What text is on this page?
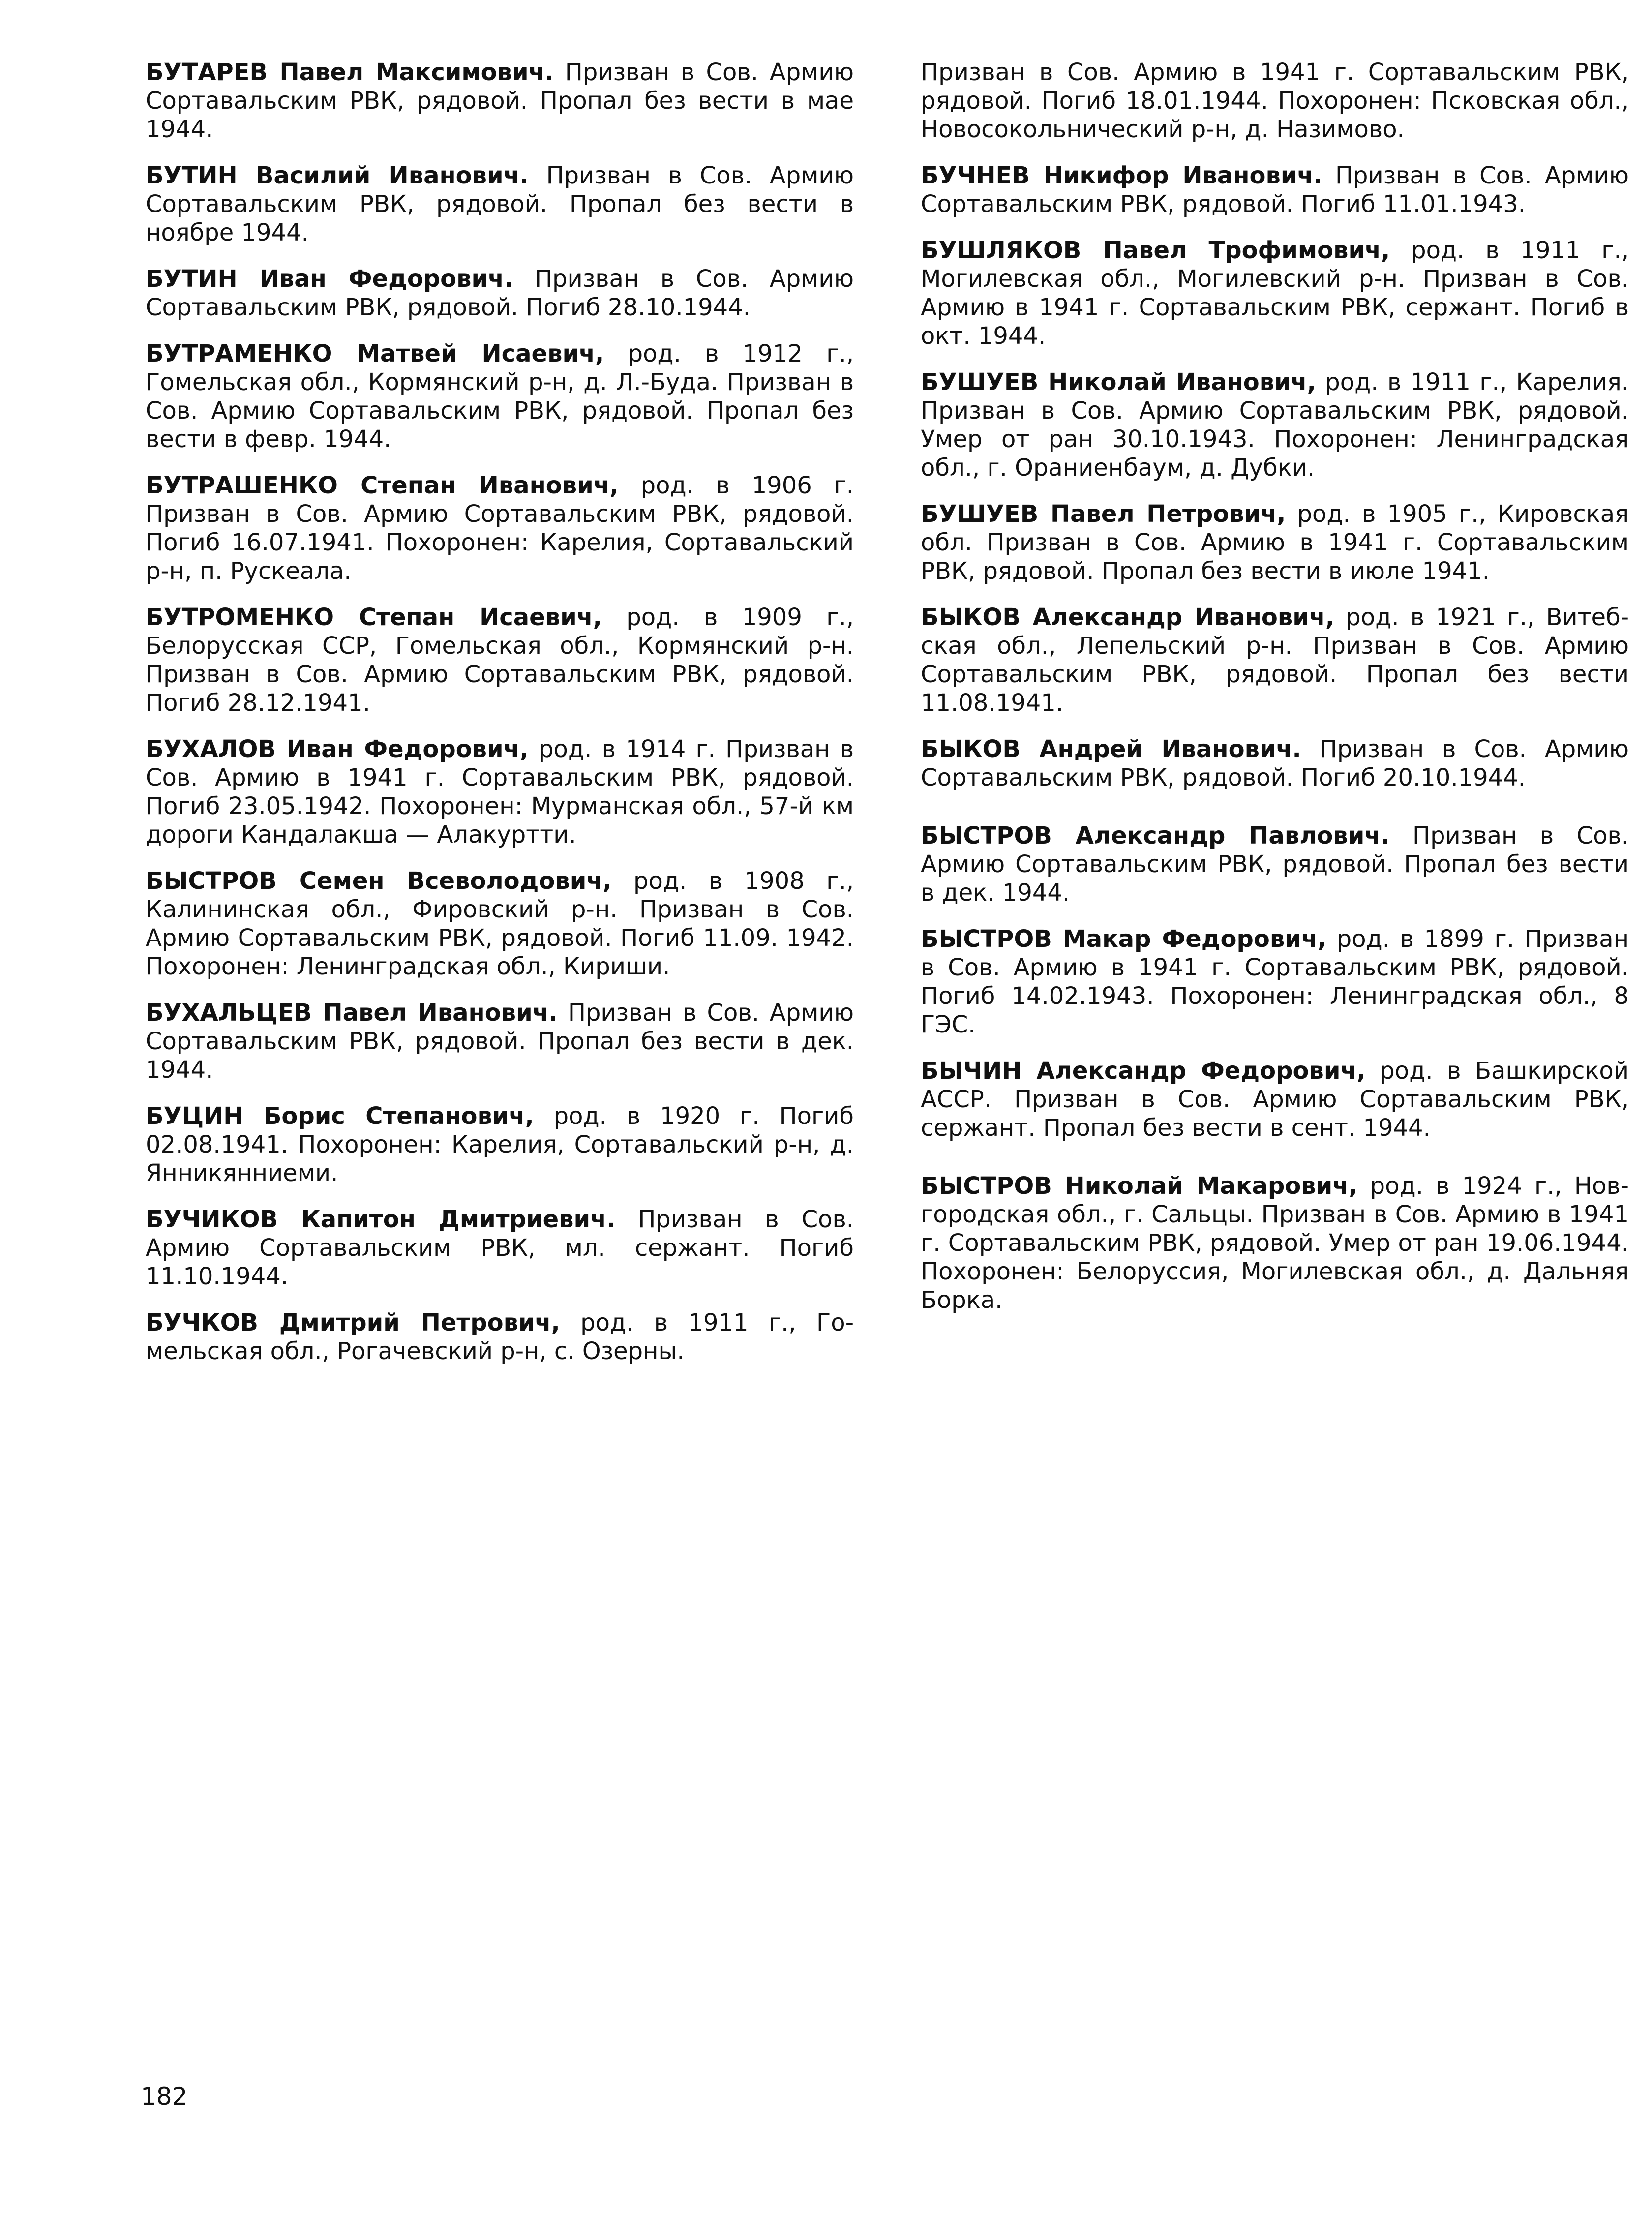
БУТАРЕВ Павел Максимович. Призван в Сов. Армию Сортавальским РВК, рядовой. Пропал без вести в мае 1944.

БУТИН Василий Иванович. Призван в Сов. Армию Сортавальским РВК, рядовой. Пропал без вести в ноябре 1944.

БУТИН Иван Федорович. Призван в Сов. Армию Сортавальским РВК, рядовой. Погиб 28.10.1944.

БУТРАМЕНКО Матвей Исаевич, род. в 1912 г., Гомельская обл., Кормянский р-н, д. Л.-Буда. Призван в Сов. Армию Сортавальским РВК, рядовой. Пропал без вести в февр. 1944.

БУТРАШЕНКО Степан Иванович, род. в 1906 г. Призван в Сов. Армию Сортавальским РВК, рядовой. Погиб 16.07.1941. Похоронен: Карелия, Сортавальский р-н, п. Рускеала.

БУТРОМЕНКО Степан Исаевич, род. в 1909 г., Белорусская ССР, Гомельская обл., Кормянский р-н. Призван в Сов. Армию Сортавальским РВК, рядовой. Погиб 28.12.1941.

БУХАЛОВ Иван Федорович, род. в 1914 г. Призван в Сов. Армию в 1941 г. Сортавальским РВК, рядовой. Погиб 23.05.1942. Похоронен: Мурманская обл., 57-й км дороги Кандалакша — Алакуртти.

БЫСТРОВ Семен Всеволодович, род. в 1908 г., Калининская обл., Фировский р-н. Призван в Сов. Армию Сортавальским РВК, рядовой. Погиб 11.09. 1942. Похоронен: Ленинградская обл., Кириши.

БУХАЛЬЦЕВ Павел Иванович. Призван в Сов. Армию Сортавальским РВК, рядовой. Пропал без вести в дек. 1944.

БУЦИН Борис Степанович, род. в 1920 г. Погиб 02.08.1941. Похоронен: Карелия, Сортавальский р-н, д. Янникянниеми.

БУЧИКОВ Капитон Дмитриевич. Призван в Сов. Армию Сортавальским РВК, мл. сержант. Погиб 11.10.1944.

БУЧКОВ Дмитрий Петрович, род. в 1911 г., Гомельская обл., Рогачевский р-н, с. Озерны.

Призван в Сов. Армию в 1941 г. Сортавальским РВК, рядовой. Погиб 18.01.1944. Похоронен: Псковская обл., Новосокольнический р-н, д. Назимово.

БУЧНЕВ Никифор Иванович. Призван в Сов. Армию Сортавальским РВК, рядовой. Погиб 11.01.1943.

БУШЛЯКОВ Павел Трофимович, род. в 1911 г., Могилевская обл., Могилевский р-н. Призван в Сов. Армию в 1941 г. Сортавальским РВК, сержант. Погиб в окт. 1944.

БУШУЕВ Николай Иванович, род. в 1911 г., Карелия. Призван в Сов. Армию Сортавальским РВК, рядовой. Умер от ран 30.10.1943. Похоронен: Ленинградская обл., г. Ораниенбаум, д. Дубки.

БУШУЕВ Павел Петрович, род. в 1905 г., Кировская обл. Призван в Сов. Армию в 1941 г. Сортавальским РВК, рядовой. Пропал без вести в июле 1941.

БЫКОВ Александр Иванович, род. в 1921 г., Витебская обл., Лепельский р-н. Призван в Сов. Армию Сортавальским РВК, рядовой. Пропал без вести 11.08.1941.

БЫКОВ Андрей Иванович. Призван в Сов. Армию Сортавальским РВК, рядовой. Погиб 20.10.1944.

БЫСТРОВ Александр Павлович. Призван в Сов. Армию Сортавальским РВК, рядовой. Пропал без вести в дек. 1944.

БЫСТРОВ Макар Федорович, род. в 1899 г. Призван в Сов. Армию в 1941 г. Сортавальским РВК, рядовой. Погиб 14.02.1943. Похоронен: Ленинградская обл., 8 ГЭС.

БЫЧИН Александр Федорович, род. в Башкирской АССР. Призван в Сов. Армию Сортавальским РВК, сержант. Пропал без вести в сент. 1944.

БЫСТРОВ Николай Макарович, род. в 1924 г., Новгородская обл., г. Сальцы. Призван в Сов. Армию в 1941 г. Сортавальским РВК, рядовой. Умер от ран 19.06.1944. Похоронен: Белоруссия, Могилевская обл., д. Дальняя Борка.

182
